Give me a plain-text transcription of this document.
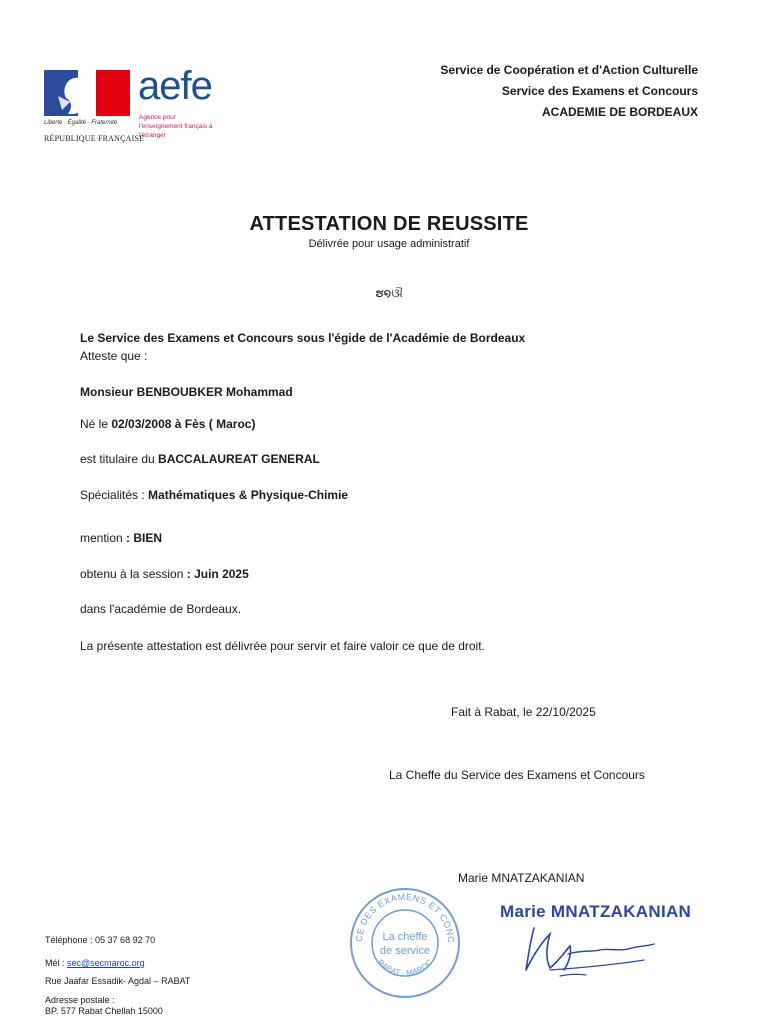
Service de Coopération et d'Action Culturelle
Service des Examens et Concours
ACADEMIE DE BORDEAUX
Liberté · Égalité · Fraternité
RÉPUBLIQUE FRANÇAISE
aefe
Agence pour l'enseignement français à l'étranger
ATTESTATION DE REUSSITE
Délivrée pour usage administratif
ຮ໑ଔ
Le Service des Examens et Concours sous l'égide de l'Académie de Bordeaux
Atteste que :
Monsieur BENBOUBKER Mohammad
Né le 02/03/2008 à Fès ( Maroc)
est titulaire du BACCALAUREAT GENERAL
Spécialités : Mathématiques & Physique-Chimie
mention : BIEN
obtenu à la session : Juin 2025
dans l'académie de Bordeaux.
La présente attestation est délivrée pour servir et faire valoir ce que de droit.
Fait à Rabat, le 22/10/2025
La Cheffe du Service des Examens et Concours
Marie MNATZAKANIAN
CE DES EXAMENS ET CONC
RABAT · MAROC
La cheffe
de service
Marie MNATZAKANIAN
Téléphone : 05 37 68 92 70
Mél : sec@secmaroc.org
Rue Jaafar Essadik- Agdal – RABAT
Adresse postale :
BP. 577 Rabat Chellah 15000
